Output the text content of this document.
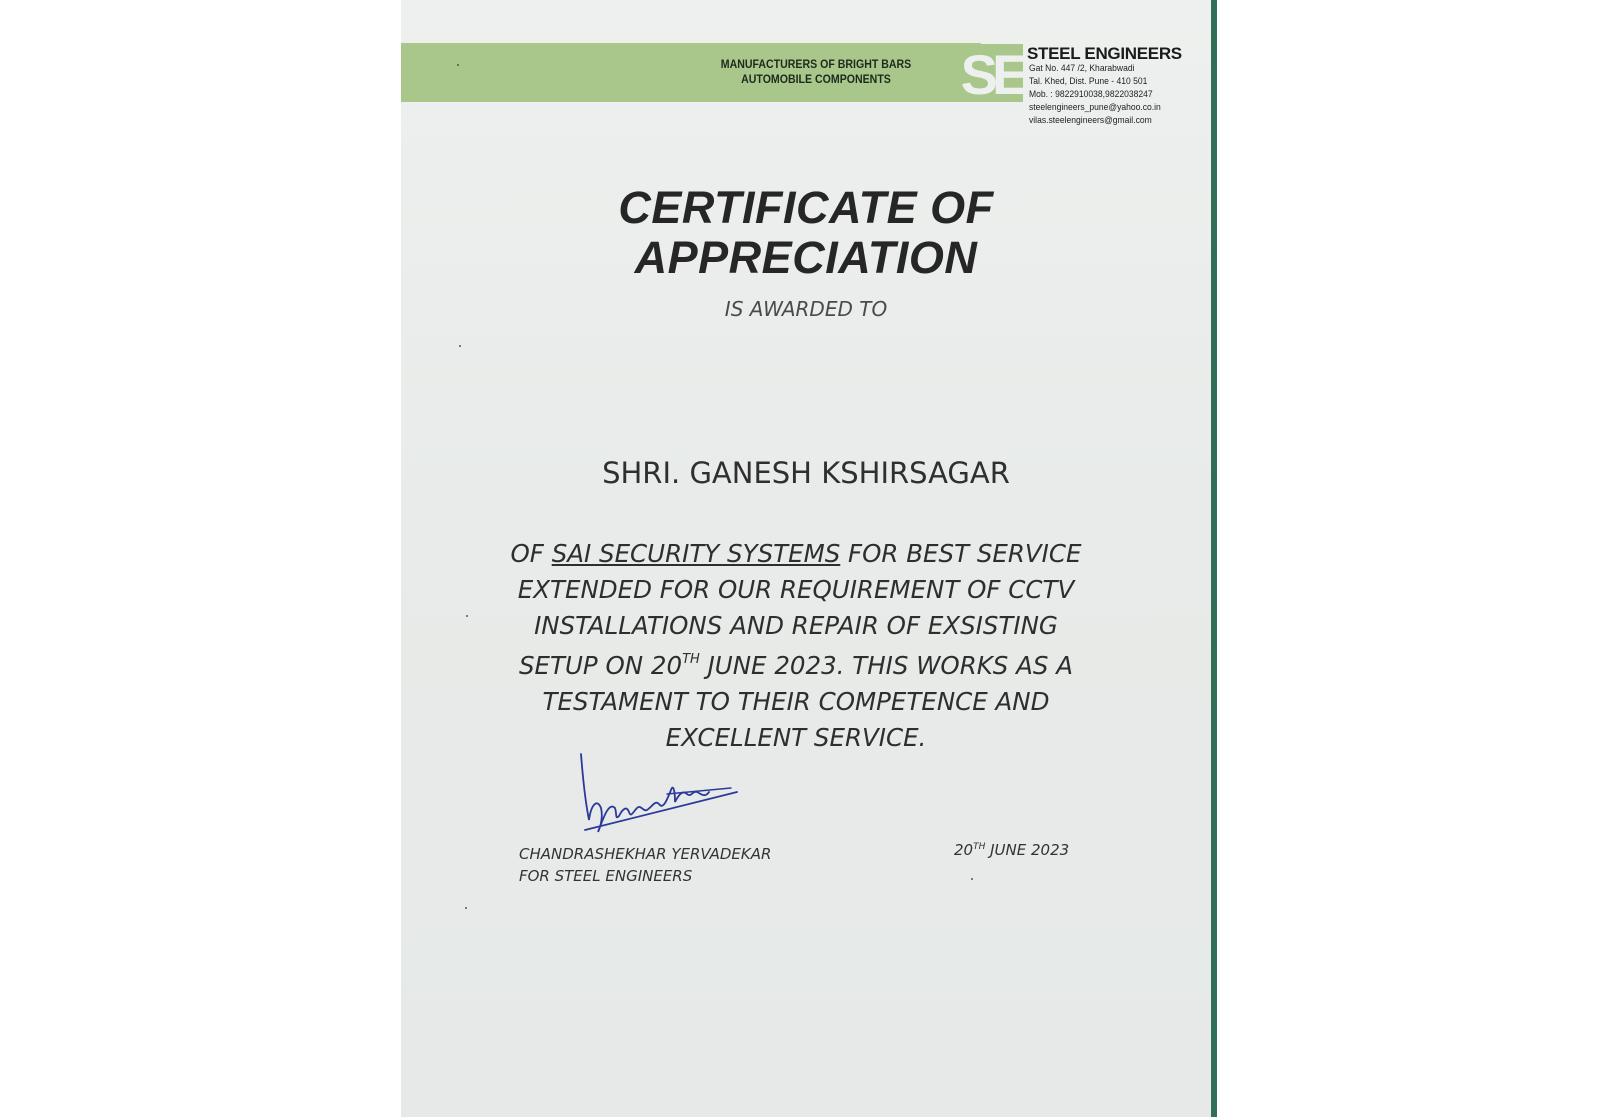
MANUFACTURERS OF BRIGHT BARS
AUTOMOBILE COMPONENTS	SE STEEL ENGINEERS
Gat No. 447 /2, Kharabwadi
Tal. Khed, Dist. Pune - 410 501
Mob. : 9822910038,9822038247
steelengineers_pune@yahoo.co.in
vilas.steelengineers@gmail.com
CERTIFICATE OF
APPRECIATION
IS AWARDED TO
SHRI. GANESH KSHIRSAGAR
OF SAI SECURITY SYSTEMS FOR BEST SERVICE EXTENDED FOR OUR REQUIREMENT OF CCTV INSTALLATIONS AND REPAIR OF EXSISTING SETUP ON 20TH JUNE 2023. THIS WORKS AS A TESTAMENT TO THEIR COMPETENCE AND EXCELLENT SERVICE.
CHANDRASHEKHAR YERVADEKAR
FOR STEEL ENGINEERS
20TH JUNE 2023
